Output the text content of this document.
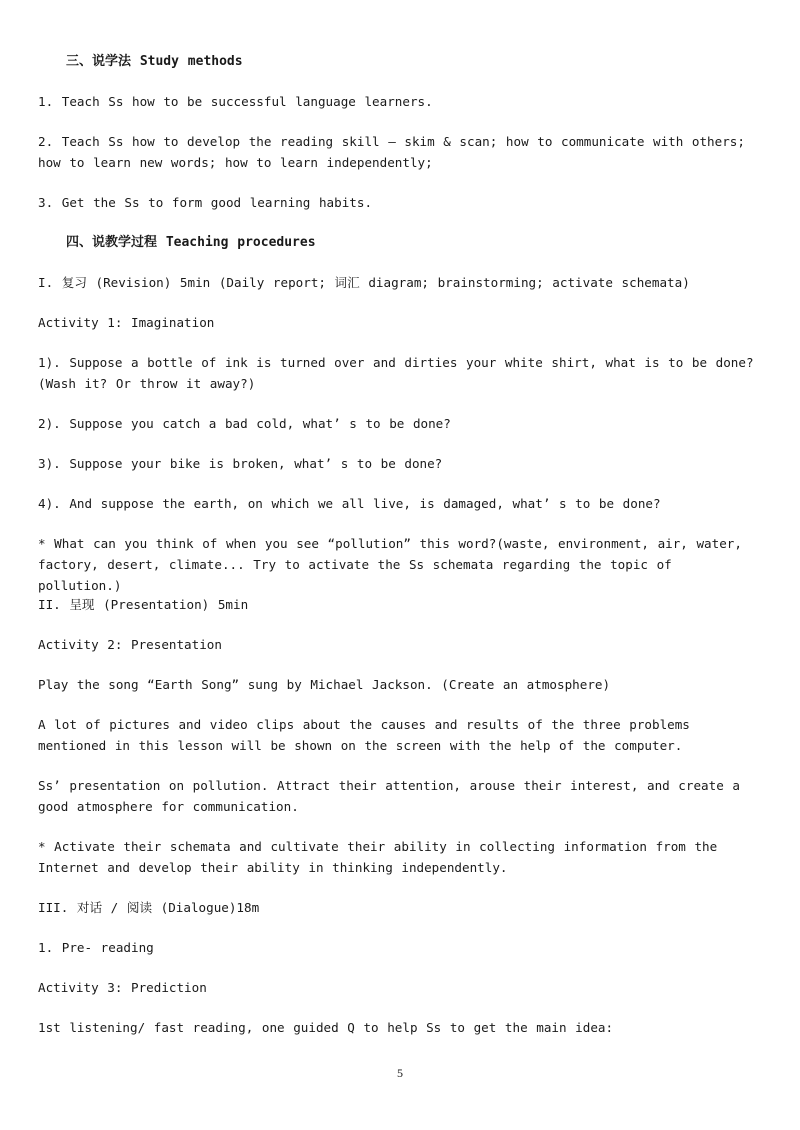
三、说学法 Study methods

1. Teach Ss how to be successful language learners.

2. Teach Ss how to develop the reading skill — skim & scan; how to communicate with others; how to learn new words; how to learn independently;

3. Get the Ss to form good learning habits.

四、说教学过程 Teaching procedures

I. 复习 (Revision) 5min (Daily report; 词汇 diagram; brainstorming; activate schemata)

Activity 1: Imagination

1). Suppose a bottle of ink is turned over and dirties your white shirt, what is to be done? (Wash it? Or throw it away?)

2). Suppose you catch a bad cold, what’ s to be done?

3). Suppose your bike is broken, what’ s to be done?

4). And suppose the earth, on which we all live, is damaged, what’ s to be done?

* What can you think of when you see “pollution” this word?(waste, environment, air, water, factory, desert, climate... Try to activate the Ss schemata regarding the topic of pollution.)

II. 呈现 (Presentation) 5min

Activity 2: Presentation

Play the song “Earth Song” sung by Michael Jackson. (Create an atmosphere)

A lot of pictures and video clips about the causes and results of the three problems mentioned in this lesson will be shown on the screen with the help of the computer.

Ss’ presentation on pollution. Attract their attention, arouse their interest, and create a good atmosphere for communication.

* Activate their schemata and cultivate their ability in collecting information from the Internet and develop their ability in thinking independently.

III. 对话 / 阅读 (Dialogue)18m

1. Pre- reading

Activity 3: Prediction

1st listening/ fast reading, one guided Q to help Ss to get the main idea:

5
